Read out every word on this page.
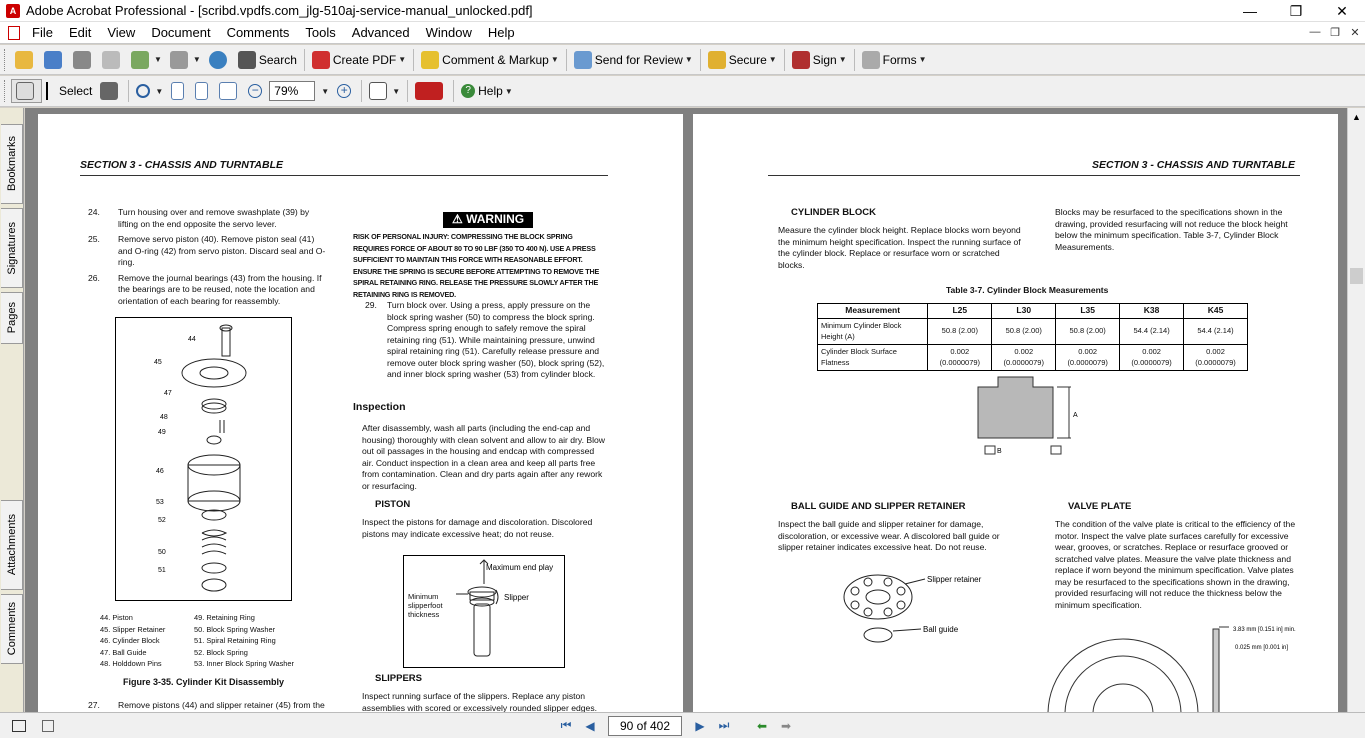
A Adobe Acrobat Professional - [scribd.vpdfs.com_jlg-510aj-service-manual_unlocked.pdf]	—	❐	✕
File	Edit	View	Document	Comments	Tools	Advanced	Window	Help	— ❐ ✕
▼	▼	Search	Create PDF ▼	Comment & Markup ▼	Send for Review ▼	Secure ▼	Sign ▼	Forms ▼
Select	▼	−	79%	▼ +	▼	? Help ▼
Bookmarks
Signatures
Pages
Attachments
Comments
SECTION 3 - CHASSIS AND TURNTABLE
24.	Turn housing over and remove swashplate (39) by lifting on the end opposite the servo lever.
25.	Remove servo piston (40). Remove piston seal (41) and O-ring (42) from servo piston. Discard seal and O-ring.
26.	Remove the journal bearings (43) from the housing. If the bearings are to be reused, note the location and orientation of each bearing for reassembly.
44
45
47
48
49
46
53
52
50
51
44. Piston
45. Slipper Retainer
46. Cylinder Block
47. Ball Guide
48. Holddown Pins
49. Retaining Ring
50. Block Spring Washer
51. Spiral Retaining Ring
52. Block Spring
53. Inner Block Spring Washer
Figure 3-35. Cylinder Kit Disassembly
27.	Remove pistons (44) and slipper retainer (45) from the
⚠ WARNING
RISK OF PERSONAL INJURY: COMPRESSING THE BLOCK SPRING REQUIRES FORCE OF ABOUT 80 TO 90 LBF (350 TO 400 N). USE A PRESS SUFFICIENT TO MAINTAIN THIS FORCE WITH REASONABLE EFFORT. ENSURE THE SPRING IS SECURE BEFORE ATTEMPTING TO REMOVE THE SPIRAL RETAINING RING. RELEASE THE PRESSURE SLOWLY AFTER THE RETAINING RING IS REMOVED.
29.	Turn block over. Using a press, apply pressure on the block spring washer (50) to compress the block spring. Compress spring enough to safely remove the spiral retaining ring (51). While maintaining pressure, unwind spiral retaining ring (51). Carefully release pressure and remove outer block spring washer (50), block spring (52), and inner block spring washer (53) from cylinder block.
Inspection
After disassembly, wash all parts (including the end-cap and housing) thoroughly with clean solvent and allow to air dry. Blow out oil passages in the housing and endcap with compressed air. Conduct inspection in a clean area and keep all parts free from contamination. Clean and dry parts again after any rework or resurfacing.
PISTON
Inspect the pistons for damage and discoloration. Discolored pistons may indicate excessive heat; do not reuse.
Maximum end play
Slipper
Minimum slipperfoot thickness
SLIPPERS
Inspect running surface of the slippers. Replace any piston assemblies with scored or excessively rounded slipper edges.
SECTION 3 - CHASSIS AND TURNTABLE
CYLINDER BLOCK
Measure the cylinder block height. Replace blocks worn beyond the minimum height specification. Inspect the running surface of the cylinder block. Replace or resurface worn or scratched blocks.
Blocks may be resurfaced to the specifications shown in the drawing, provided resurfacing will not reduce the block height below the minimum specification. Table 3-7, Cylinder Block Measurements.
Table 3-7. Cylinder Block Measurements
Measurement	L25	L30	L35	K38	K45
Minimum Cylinder Block Height (A)	50.8 (2.00)	50.8 (2.00)	50.8 (2.00)	54.4 (2.14)	54.4 (2.14)
Cylinder Block Surface Flatness	0.002 (0.0000079)	0.002 (0.0000079)	0.002 (0.0000079)	0.002 (0.0000079)	0.002 (0.0000079)
A
B
BALL GUIDE AND SLIPPER RETAINER
Inspect the ball guide and slipper retainer for damage, discoloration, or excessive wear. A discolored ball guide or slipper retainer indicates excessive heat. Do not reuse.
Slipper retainer
Ball guide
VALVE PLATE
The condition of the valve plate is critical to the efficiency of the motor. Inspect the valve plate surfaces carefully for excessive wear, grooves, or scratches. Replace or resurface grooved or scratched valve plates. Measure the valve plate thickness and replace if worn beyond the minimum specification. Valve plates may be resurfaced to the specifications shown in the drawing, provided resurfacing will not reduce the thickness below the minimum specification.
3.83 mm [0.151 in] min.
0.025 mm [0.001 in]
▲
⏮	◀	90 of 402	▶	⏭	⬅	➡
